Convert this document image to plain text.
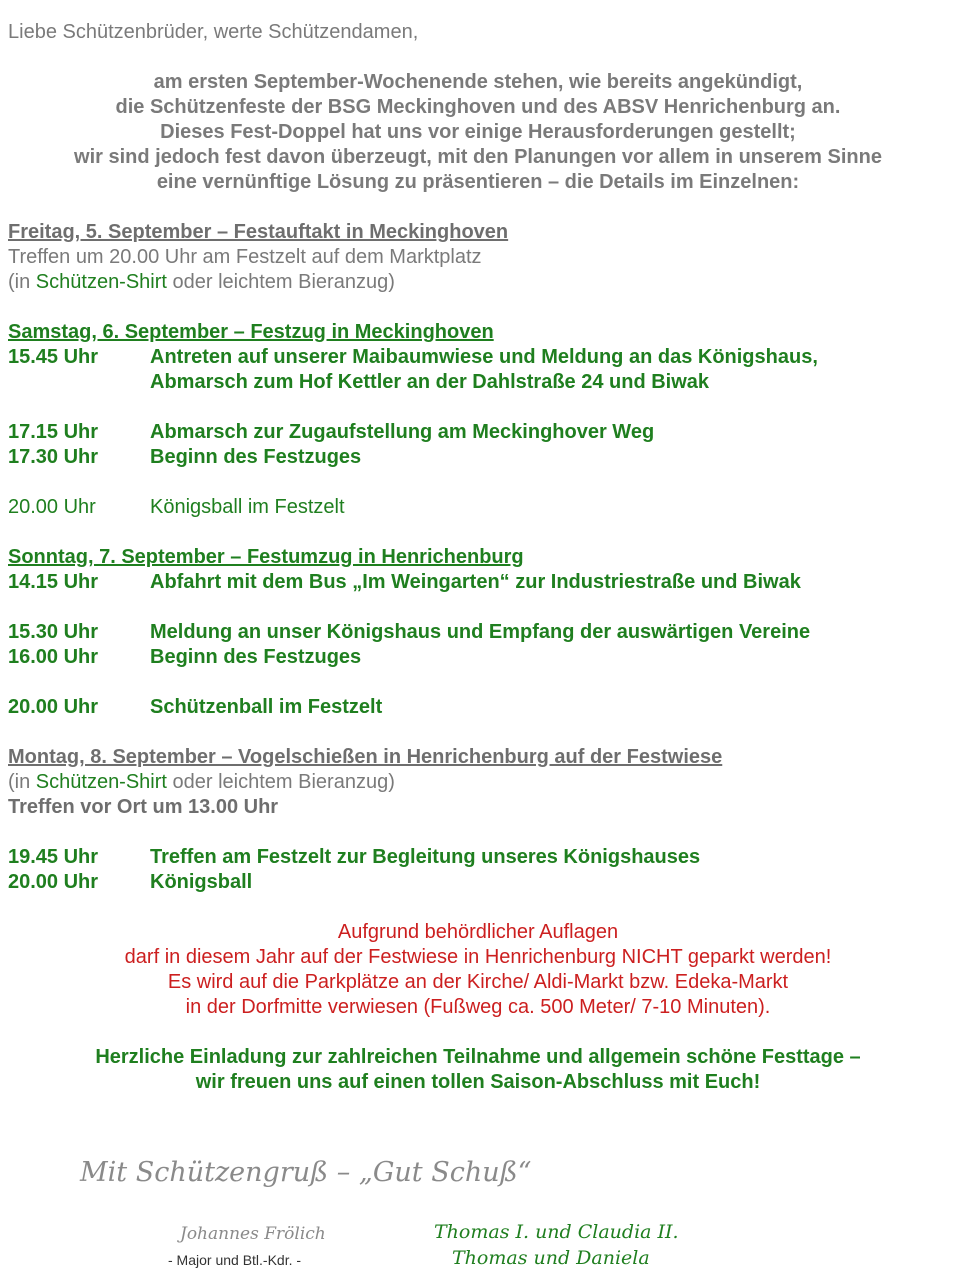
Liebe Schützenbrüder, werte Schützendamen,
am ersten September-Wochenende stehen, wie bereits angekündigt,
die Schützenfeste der BSG Meckinghoven und des ABSV Henrichenburg an.
Dieses Fest-Doppel hat uns vor einige Herausforderungen gestellt;
wir sind jedoch fest davon überzeugt, mit den Planungen vor allem in unserem Sinne
eine vernünftige Lösung zu präsentieren – die Details im Einzelnen:
Freitag, 5. September – Festauftakt in Meckinghoven
Treffen um 20.00 Uhr am Festzelt auf dem Marktplatz
(in Schützen-Shirt oder leichtem Bieranzug)
Samstag, 6. September – Festzug in Meckinghoven
15.45 Uhr	Antreten auf unserer Maibaumwiese und Meldung an das Königshaus,
Abmarsch zum Hof Kettler an der Dahlstraße 24 und Biwak
17.15 Uhr	Abmarsch zur Zugaufstellung am Meckinghover Weg
17.30 Uhr	Beginn des Festzuges
20.00 Uhr	Königsball im Festzelt
Sonntag, 7. September – Festumzug in Henrichenburg
14.15 Uhr	Abfahrt mit dem Bus „Im Weingarten“ zur Industriestraße und Biwak
15.30 Uhr	Meldung an unser Königshaus und Empfang der auswärtigen Vereine
16.00 Uhr	Beginn des Festzuges
20.00 Uhr	Schützenball im Festzelt
Montag, 8. September – Vogelschießen in Henrichenburg auf der Festwiese
(in Schützen-Shirt oder leichtem Bieranzug)
Treffen vor Ort um 13.00 Uhr
19.45 Uhr	Treffen am Festzelt zur Begleitung unseres Königshauses
20.00 Uhr	Königsball
Aufgrund behördlicher Auflagen
darf in diesem Jahr auf der Festwiese in Henrichenburg NICHT geparkt werden!
Es wird auf die Parkplätze an der Kirche/ Aldi-Markt bzw. Edeka-Markt
in der Dorfmitte verwiesen (Fußweg ca. 500 Meter/ 7-10 Minuten).
Herzliche Einladung zur zahlreichen Teilnahme und allgemein schöne Festtage –
wir freuen uns auf einen tollen Saison-Abschluss mit Euch!
Mit Schützengruß – „Gut Schuß“
Johannes Frölich
- Major und Btl.-Kdr. -
Thomas I. und Claudia II.
Thomas und Daniela
